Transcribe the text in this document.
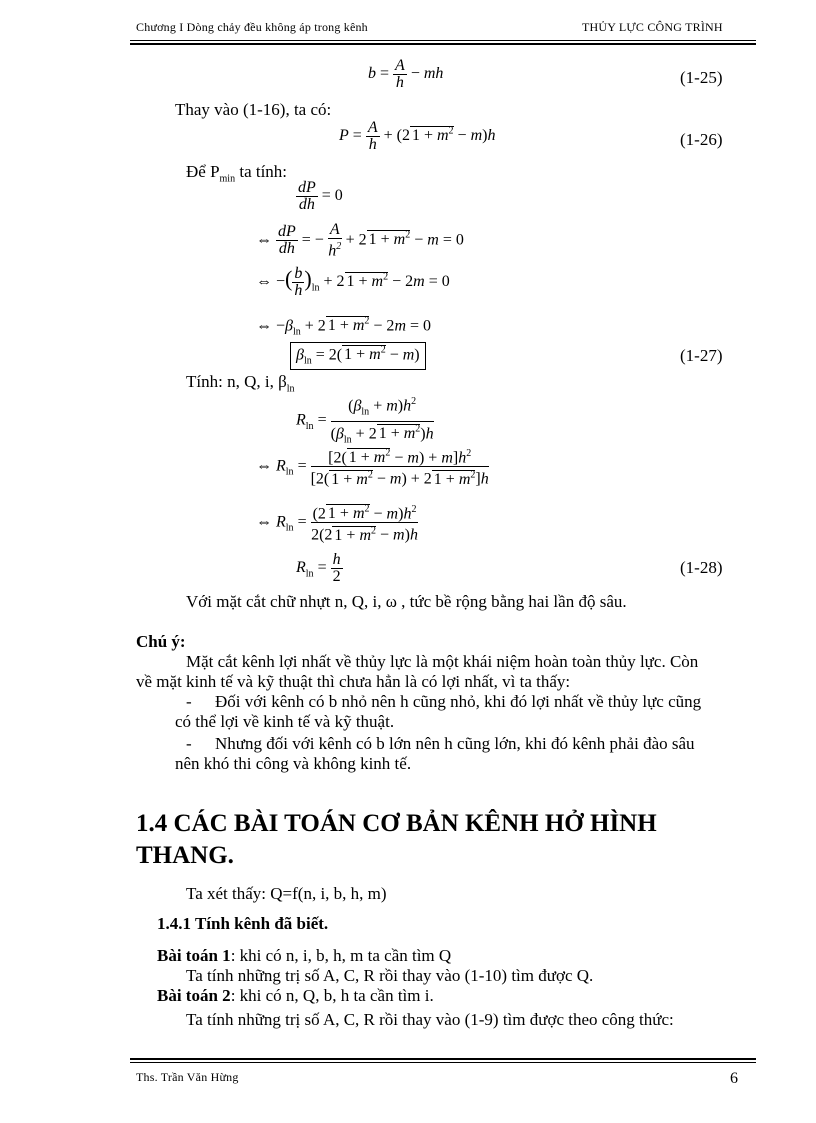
Chương I Dòng chảy đều không áp trong kênh	THỦY LỰC CÔNG TRÌNH
$b = \frac{A}{h}$ − mh	(1-25)
Thay vào (1-16), ta có:
$P = \frac{A}{h} + (2$ $1 + m^2 - m)h$	(1-26)
Để $P_{min}$ ta tính:
$\frac{dP}{dh} = 0$
⇔ $\frac{dP}{dh}$ = − $\frac{A}{h^2} + 2$ $1 + m^2 - m = 0$
⇔ −( $\frac{b}{h} )_{ln} + 2$ $1 + m^2 - 2m = 0$
⇔ $-\beta_{ln} + 2$ $1 + m^2 - 2m = 0$
$\beta_{ln} = 2$( $1 + m^2 - m$)	(1-27)
Tính: n, Q, i, $\beta_{ln}$
$R_{ln} = \frac{(\beta_{ln} + m)h^2}{(\beta_{ln} + 2 1 + m^2)h}$
⇔ $R_{ln} = \frac{[2( 1 + m^2 - m) + m]h^2}{[2( 1 + m^2 - m) + 2 1 + m^2]h}$
⇔ $R_{ln} = \frac{(2 1 + m^2 - m)h^2}{2(2 1 + m^2 - m)h}$
$R_{ln} = \frac{h}{2}$	(1-28)
Với mặt cắt chữ nhựt n, Q, i, ω , tức bề rộng bằng hai lần độ sâu.
Chú ý:
Mặt cắt kênh lợi nhất về thủy lực là một khái niệm hoàn toàn thủy lực. Còn
về mặt kinh tế và kỹ thuật thì chưa hẳn là có lợi nhất, vì ta thấy:
- Đối với kênh có b nhỏ nên h cũng nhỏ, khi đó lợi nhất về thủy lực cũng
có thể lợi về kinh tế và kỹ thuật.
- Nhưng đối với kênh có b lớn nên h cũng lớn, khi đó kênh phải đào sâu
nên khó thi công và không kinh tế.
1.4 CÁC BÀI TOÁN CƠ BẢN KÊNH HỞ HÌNH
THANG.
Ta xét thấy: Q=f(n, i, b, h, m)
1.4.1 Tính kênh đã biết.
Bài toán 1: khi có n, i, b, h, m ta cần tìm Q
Ta tính những trị số A, C, R rồi thay vào (1-10) tìm được Q.
Bài toán 2: khi có n, Q, b, h ta cần tìm i.
Ta tính những trị số A, C, R rồi thay vào (1-9) tìm được theo công thức:
Ths. Trần Văn Hừng	6
